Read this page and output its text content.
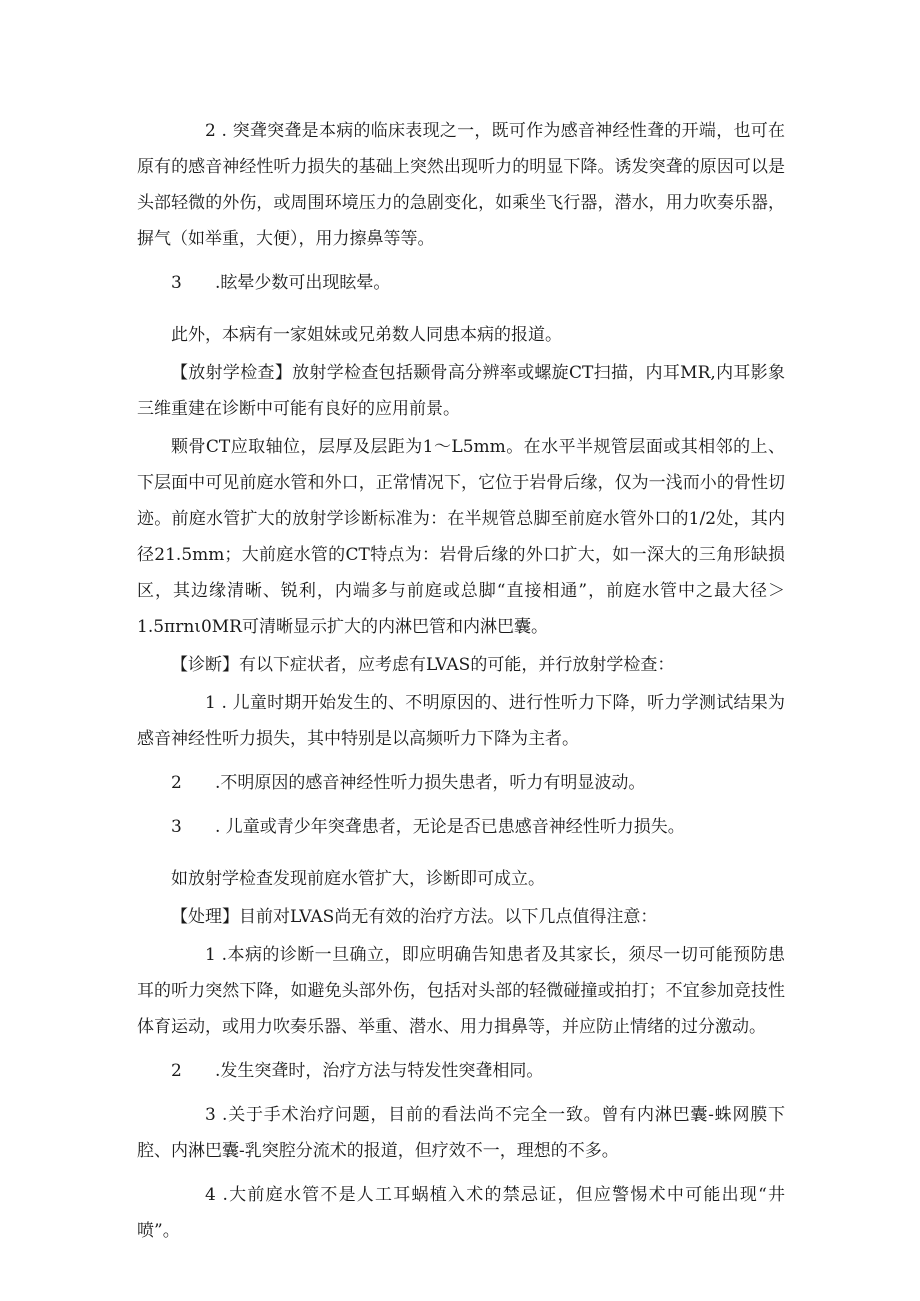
2 . 突聋突聋是本病的临床表现之一，既可作为感音神经性聋的开端，也可在原有的感音神经性听力损失的基础上突然出现听力的明显下降。诱发突聋的原因可以是头部轻微的外伤，或周围环境压力的急剧变化，如乘坐飞行器，潜水，用力吹奏乐器，摒气（如举重，大便），用力擦鼻等等。

3 .眩晕少数可出现眩晕。

此外，本病有一家姐妹或兄弟数人同患本病的报道。

【放射学检查】放射学检查包括颞骨高分辨率或螺旋CT扫描，内耳MR,内耳影象三维重建在诊断中可能有良好的应用前景。

颗骨CT应取轴位，层厚及层距为1～L5mm。在水平半规管层面或其相邻的上、下层面中可见前庭水管和外口，正常情况下，它位于岩骨后缘，仅为一浅而小的骨性切迹。前庭水管扩大的放射学诊断标准为：在半规管总脚至前庭水管外口的1/2处，其内径21.5mm；大前庭水管的CT特点为：岩骨后缘的外口扩大，如一深大的三角形缺损区，其边缘清晰、锐利，内端多与前庭或总脚“直接相通”，前庭水管中之最大径＞1.5πrnι0MR可清晰显示扩大的内淋巴管和内淋巴囊。

【诊断】有以下症状者，应考虑有LVAS的可能，并行放射学检查：

1 . 儿童时期开始发生的、不明原因的、进行性听力下降，听力学测试结果为感音神经性听力损失，其中特别是以高频听力下降为主者。

2 .不明原因的感音神经性听力损失患者，听力有明显波动。

3 . 儿童或青少年突聋患者，无论是否已患感音神经性听力损失。

如放射学检查发现前庭水管扩大，诊断即可成立。

【处理】目前对LVAS尚无有效的治疗方法。以下几点值得注意：

1 .本病的诊断一旦确立，即应明确告知患者及其家长，须尽一切可能预防患耳的听力突然下降，如避免头部外伤，包括对头部的轻微碰撞或拍打；不宜参加竞技性体育运动，或用力吹奏乐器、举重、潜水、用力揖鼻等，并应防止情绪的过分激动。

2 .发生突聋时，治疗方法与特发性突聋相同。

3 .关于手术治疗问题，目前的看法尚不完全一致。曾有内淋巴囊-蛛网膜下腔、内淋巴囊-乳突腔分流术的报道，但疗效不一，理想的不多。

4 .大前庭水管不是人工耳蜗植入术的禁忌证，但应警惕术中可能出现“井喷”。
